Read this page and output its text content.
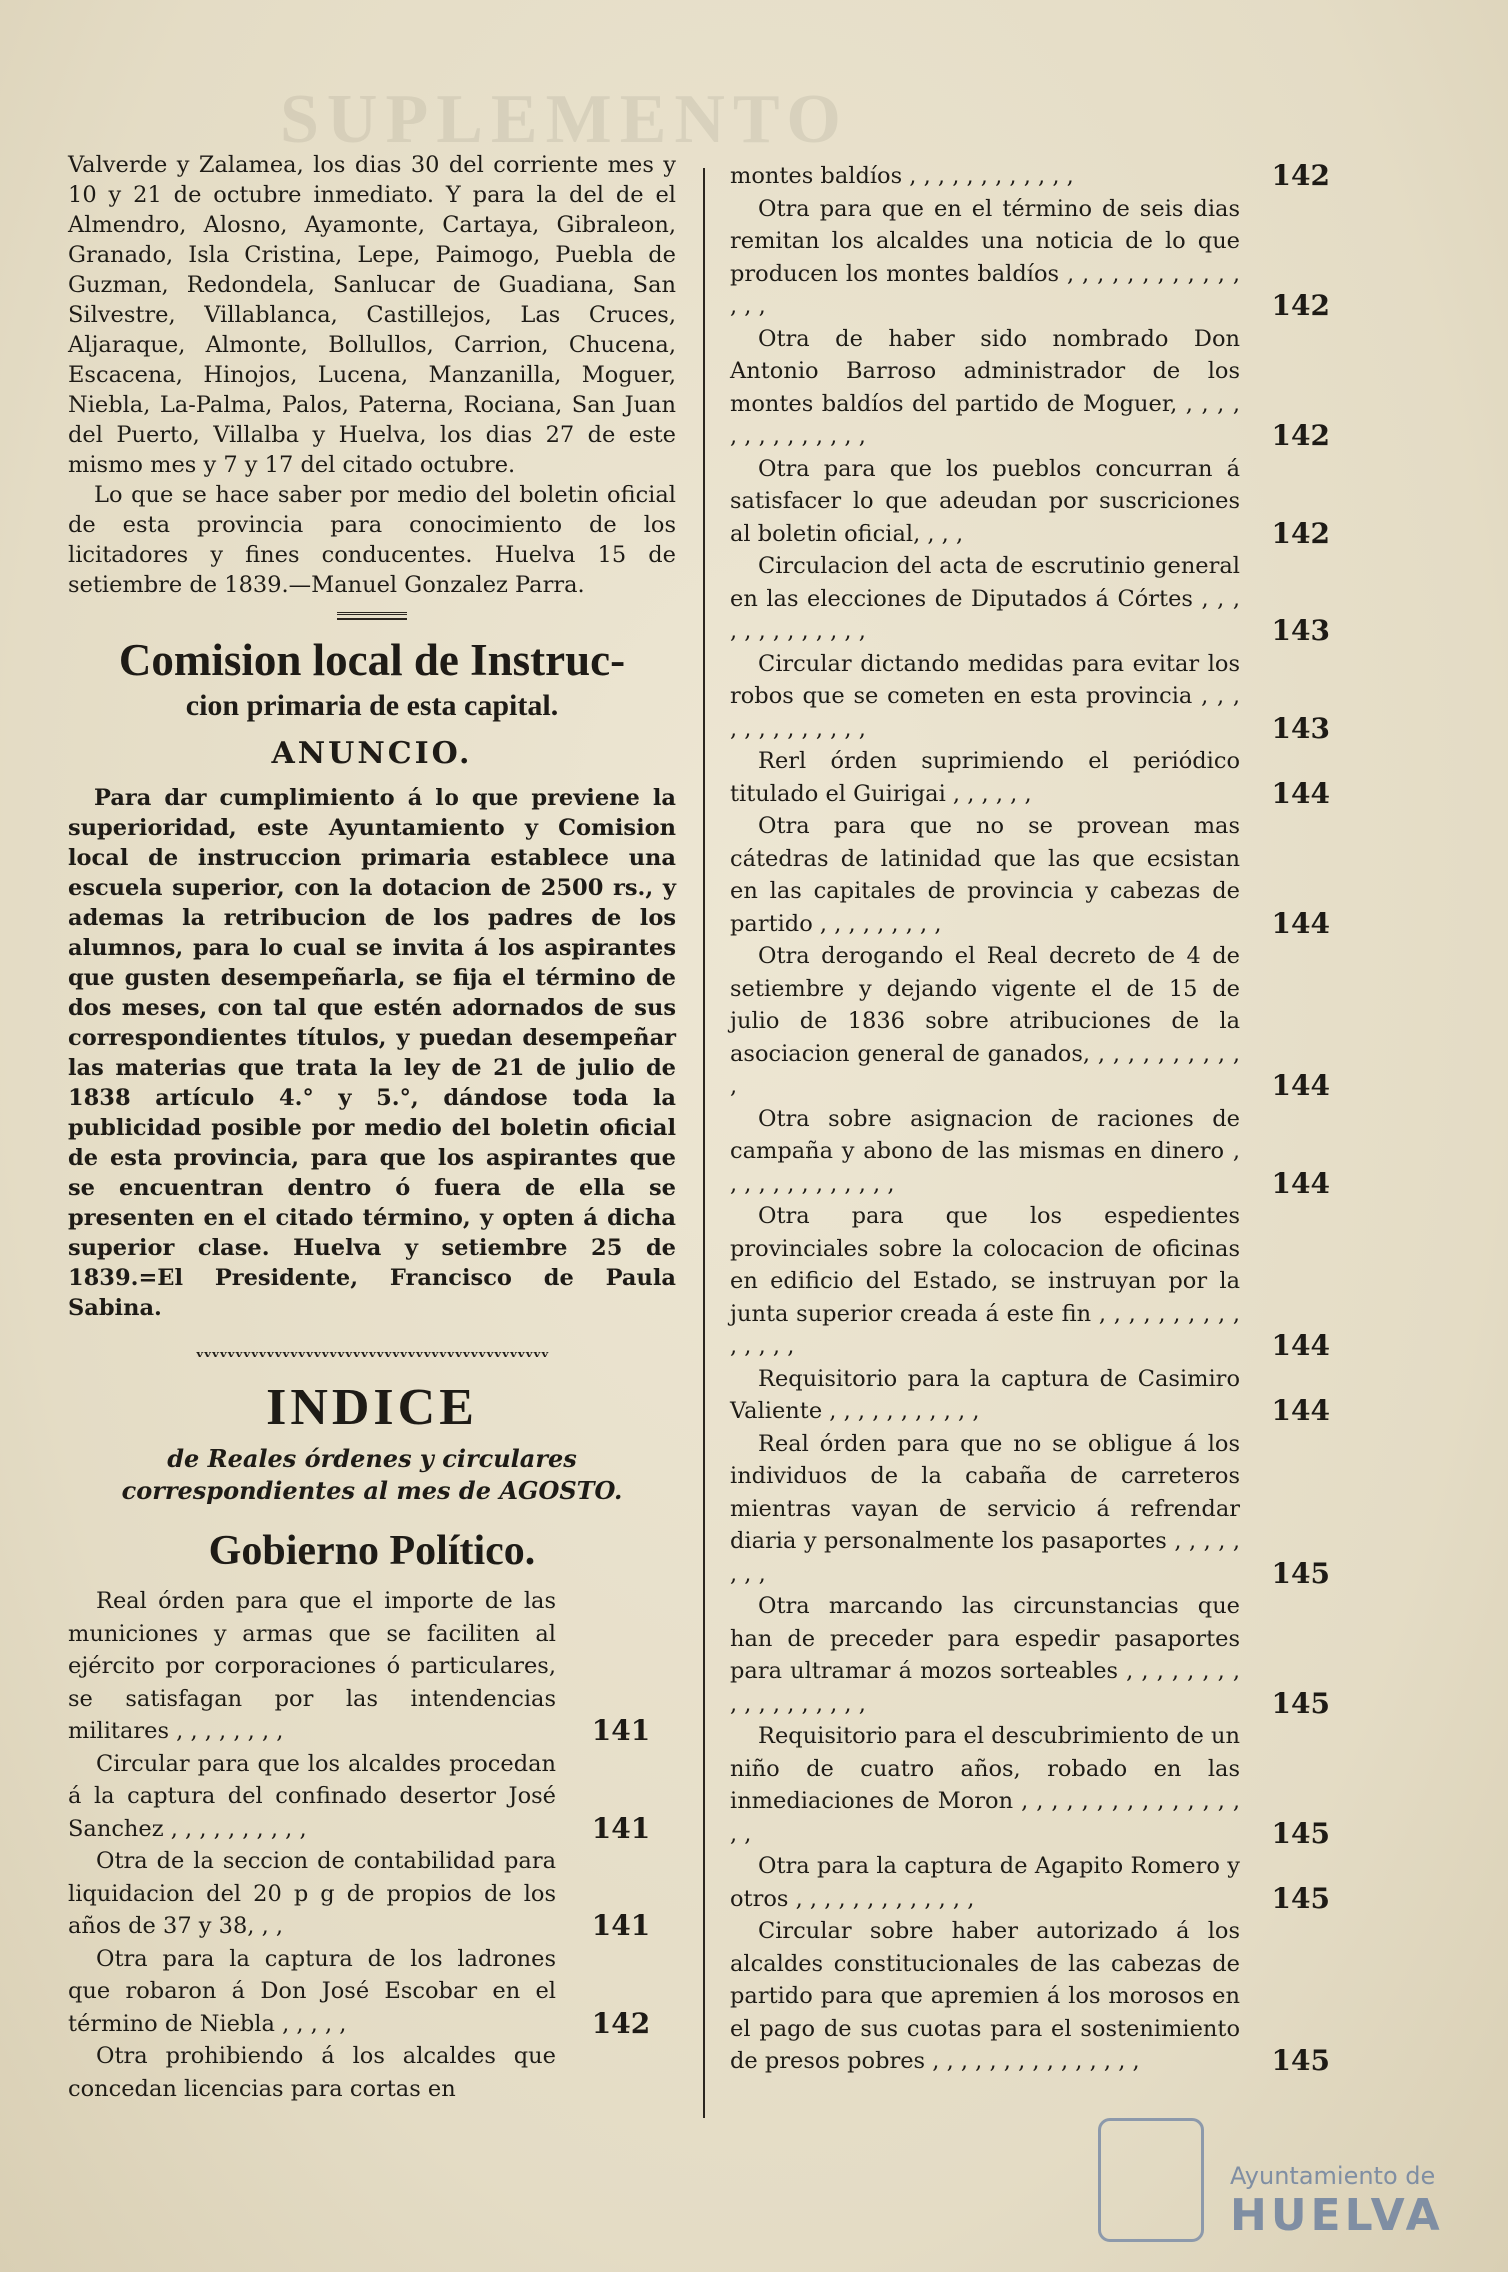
SUPLEMENTO

Valverde y Zalamea, los dias 30 del corriente mes y 10 y 21 de octubre inmediato. Y para la del de el Almendro, Alosno, Ayamonte, Cartaya, Gibraleon, Granado, Isla Cristina, Lepe, Paimogo, Puebla de Guzman, Redondela, Sanlucar de Guadiana, San Silvestre, Villablanca, Castillejos, Las Cruces, Aljaraque, Almonte, Bollullos, Carrion, Chucena, Escacena, Hinojos, Lucena, Manzanilla, Moguer, Niebla, La-Palma, Palos, Paterna, Rociana, San Juan del Puerto, Villalba y Huelva, los dias 27 de este mismo mes y 7 y 17 del citado octubre.

Lo que se hace saber por medio del boletin oficial de esta provincia para conocimiento de los licitadores y fines conducentes. Huelva 15 de setiembre de 1839.—Manuel Gonzalez Parra.

Comision local de Instruc-
cion primaria de esta capital.
ANUNCIO.

Para dar cumplimiento á lo que previene la superioridad, este Ayuntamiento y Comision local de instruccion primaria establece una escuela superior, con la dotacion de 2500 rs., y ademas la retribucion de los padres de los alumnos, para lo cual se invita á los aspirantes que gusten desempeñarla, se fija el término de dos meses, con tal que estén adornados de sus correspondientes títulos, y puedan desempeñar las materias que trata la ley de 21 de julio de 1838 artículo 4.° y 5.°, dándose toda la publicidad posible por medio del boletin oficial de esta provincia, para que los aspirantes que se encuentran dentro ó fuera de ella se presenten en el citado término, y opten á dicha superior clase. Huelva y setiembre 25 de 1839.=El Presidente, Francisco de Paula Sabina.

ᵥᵥᵥᵥᵥᵥᵥᵥᵥᵥᵥᵥᵥᵥᵥᵥᵥᵥᵥᵥᵥᵥᵥᵥᵥᵥᵥᵥᵥᵥᵥᵥᵥᵥᵥᵥᵥᵥᵥᵥᵥᵥᵥᵥᵥ
INDICE
de Reales órdenes y circulares correspondientes al mes de AGOSTO.
Gobierno Político.
Real órden para que el importe de las municiones y armas que se faciliten al ejército por corporaciones ó particulares, se satisfagan por las intendencias militares , , , , , , , ,	141
Circular para que los alcaldes procedan á la captura del confinado desertor José Sanchez , , , , , , , , , ,	141
Otra de la seccion de contabilidad para liquidacion del 20 p g de propios de los años de 37 y 38, , ,	141
Otra para la captura de los ladrones que robaron á Don José Escobar en el término de Niebla , , , , ,	142
Otra prohibiendo á los alcaldes que concedan licencias para cortas en
montes baldíos , , , , , , , , , , , ,	142
Otra para que en el término de seis dias remitan los alcaldes una noticia de lo que producen los montes baldíos , , , , , , , , , , , , , , ,	142
Otra de haber sido nombrado Don Antonio Barroso administrador de los montes baldíos del partido de Moguer, , , , , , , , , , , , , , ,	142
Otra para que los pueblos concurran á satisfacer lo que adeudan por suscriciones al boletin oficial, , , ,	142
Circulacion del acta de escrutinio general en las elecciones de Diputados á Córtes , , , , , , , , , , , , ,	143
Circular dictando medidas para evitar los robos que se cometen en esta provincia , , , , , , , , , , , , ,	143
Rerl órden suprimiendo el periódico titulado el Guirigai , , , , , ,	144
Otra para que no se provean mas cátedras de latinidad que las que ecsistan en las capitales de provincia y cabezas de partido , , , , , , , , ,	144
Otra derogando el Real decreto de 4 de setiembre y dejando vigente el de 15 de julio de 1836 sobre atribuciones de la asociacion general de ganados, , , , , , , , , , , ,	144
Otra sobre asignacion de raciones de campaña y abono de las mismas en dinero , , , , , , , , , , , , ,	144
Otra para que los espedientes provinciales sobre la colocacion de oficinas en edificio del Estado, se instruyan por la junta superior creada á este fin , , , , , , , , , , , , , , ,	144
Requisitorio para la captura de Casimiro Valiente , , , , , , , , , , ,	144
Real órden para que no se obligue á los individuos de la cabaña de carreteros mientras vayan de servicio á refrendar diaria y personalmente los pasaportes , , , , , , , ,	145
Otra marcando las circunstancias que han de preceder para espedir pasaportes para ultramar á mozos sorteables , , , , , , , , , , , , , , , , , ,	145
Requisitorio para el descubrimiento de un niño de cuatro años, robado en las inmediaciones de Moron , , , , , , , , , , , , , , , , ,	145
Otra para la captura de Agapito Romero y otros , , , , , , , , , , , , ,	145
Circular sobre haber autorizado á los alcaldes constitucionales de las cabezas de partido para que apremien á los morosos en el pago de sus cuotas para el sostenimiento de presos pobres , , , , , , , , , , , , , , ,	145
Ayuntamiento de
HUELVA
